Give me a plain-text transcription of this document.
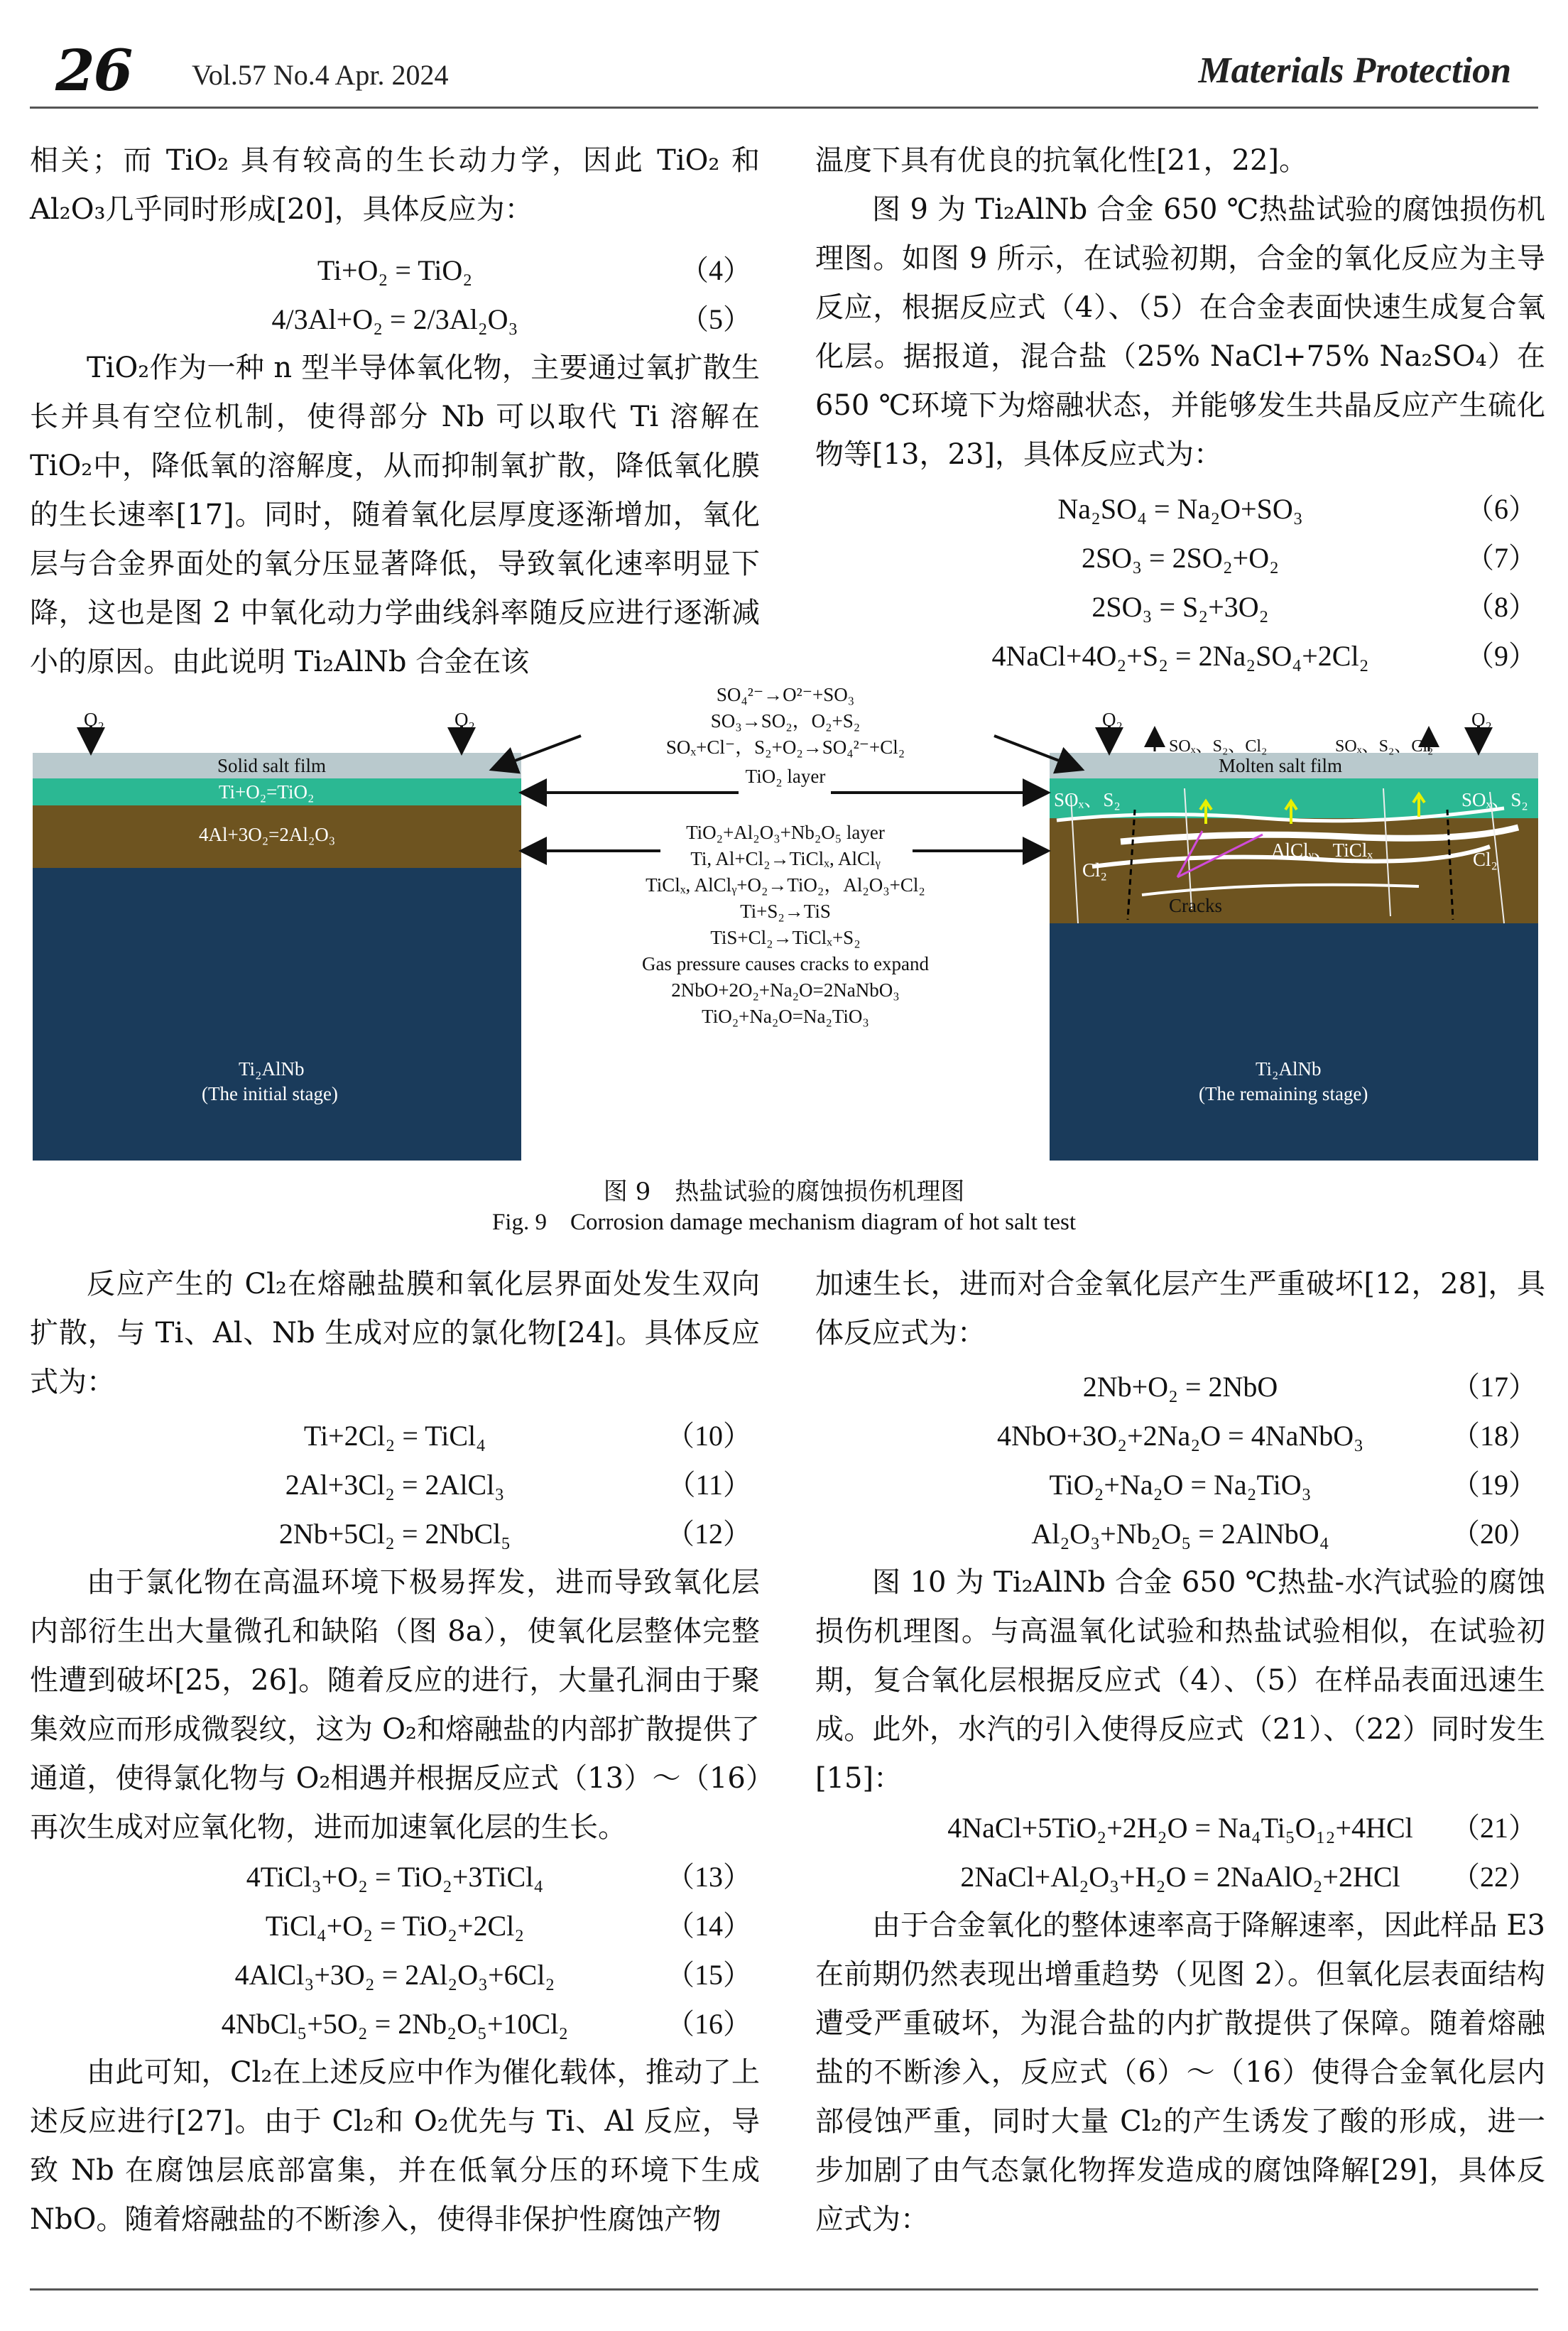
26 Vol.57 No.4 Apr. 2024	Materials Protection

相关；而 TiO₂ 具有较高的生长动力学，因此 TiO₂ 和 Al₂O₃几乎同时形成[20]，具体反应为：

Ti+O₂ = TiO₂	（4）
4/3Al+O₂ = 2/3Al₂O₃	（5）

TiO₂作为一种 n 型半导体氧化物，主要通过氧扩散生长并具有空位机制，使得部分 Nb 可以取代 Ti 溶解在 TiO₂中，降低氧的溶解度，从而抑制氧扩散，降低氧化膜的生长速率[17]。同时，随着氧化层厚度逐渐增加，氧化层与合金界面处的氧分压显著降低，导致氧化速率明显下降，这也是图 2 中氧化动力学曲线斜率随反应进行逐渐减小的原因。由此说明 Ti₂AlNb 合金在该

温度下具有优良的抗氧化性[21，22]。

图 9 为 Ti₂AlNb 合金 650 ℃热盐试验的腐蚀损伤机理图。如图 9 所示，在试验初期，合金的氧化反应为主导反应，根据反应式（4）、（5）在合金表面快速生成复合氧化层。据报道，混合盐（25% NaCl+75% Na₂SO₄）在 650 ℃环境下为熔融状态，并能够发生共晶反应产生硫化物等[13，23]，具体反应式为：

Na₂SO₄ = Na₂O+SO₃	（6）
2SO₃ = 2SO₂+O₂	（7）
2SO₃ = S₂+3O₂	（8）
4NaCl+4O₂+S₂ = 2Na₂SO₄+2Cl₂	（9）
Solid salt film
Ti+O₂=TiO₂
4Al+3O₂=2Al₂O₃
Ti₂AlNb
(The initial stage)
O₂	O₂
Molten salt film
SOₓ、S₂	SOₓ、S₂
AlClᵧ、TiClₓ
Cl₂	Cl₂
Cracks
Ti₂AlNb
(The remaining stage)
O₂	O₂
SOₓ、S₂、Cl₂	SOₓ、S₂、Cl₂
SO₄²⁻→O²⁻+SO₃
SO₃→SO₂，O₂+S₂
SOₓ+Cl⁻，S₂+O₂→SO₄²⁻+Cl₂
TiO₂ layer
TiO₂+Al₂O₃+Nb₂O₅ layer
Ti, Al+Cl₂→TiClₓ, AlClᵧ
TiClₓ, AlClᵧ+O₂→TiO₂，Al₂O₃+Cl₂
Ti+S₂→TiS
TiS+Cl₂→TiClₓ+S₂
Gas pressure causes cracks to expand
2NbO+2O₂+Na₂O=2NaNbO₃
TiO₂+Na₂O=Na₂TiO₃
图 9　热盐试验的腐蚀损伤机理图
Fig. 9　Corrosion damage mechanism diagram of hot salt test

反应产生的 Cl₂在熔融盐膜和氧化层界面处发生双向扩散，与 Ti、Al、Nb 生成对应的氯化物[24]。具体反应式为：

Ti+2Cl₂ = TiCl₄	（10）
2Al+3Cl₂ = 2AlCl₃	（11）
2Nb+5Cl₂ = 2NbCl₅	（12）

由于氯化物在高温环境下极易挥发，进而导致氧化层内部衍生出大量微孔和缺陷（图 8a），使氧化层整体完整性遭到破坏[25，26]。随着反应的进行，大量孔洞由于聚集效应而形成微裂纹，这为 O₂和熔融盐的内部扩散提供了通道，使得氯化物与 O₂相遇并根据反应式（13）～（16）再次生成对应氧化物，进而加速氧化层的生长。

4TiCl₃+O₂ = TiO₂+3TiCl₄	（13）
TiCl₄+O₂ = TiO₂+2Cl₂	（14）
4AlCl₃+3O₂ = 2Al₂O₃+6Cl₂	（15）
4NbCl₅+5O₂ = 2Nb₂O₅+10Cl₂	（16）

由此可知，Cl₂在上述反应中作为催化载体，推动了上述反应进行[27]。由于 Cl₂和 O₂优先与 Ti、Al 反应，导致 Nb 在腐蚀层底部富集，并在低氧分压的环境下生成 NbO。随着熔融盐的不断渗入，使得非保护性腐蚀产物

加速生长，进而对合金氧化层产生严重破坏[12，28]，具体反应式为：

2Nb+O₂ = 2NbO	（17）
4NbO+3O₂+2Na₂O = 4NaNbO₃	（18）
TiO₂+Na₂O = Na₂TiO₃	（19）
Al₂O₃+Nb₂O₅ = 2AlNbO₄	（20）

图 10 为 Ti₂AlNb 合金 650 ℃热盐-水汽试验的腐蚀损伤机理图。与高温氧化试验和热盐试验相似，在试验初期，复合氧化层根据反应式（4）、（5）在样品表面迅速生成。此外，水汽的引入使得反应式（21）、（22）同时发生[15]：

4NaCl+5TiO₂+2H₂O = Na₄Ti₅O₁₂+4HCl	（21）
2NaCl+Al₂O₃+H₂O = 2NaAlO₂+2HCl	（22）

由于合金氧化的整体速率高于降解速率，因此样品 E3 在前期仍然表现出增重趋势（见图 2）。但氧化层表面结构遭受严重破坏，为混合盐的内扩散提供了保障。随着熔融盐的不断渗入，反应式（6）～（16）使得合金氧化层内部侵蚀严重，同时大量 Cl₂的产生诱发了酸的形成，进一步加剧了由气态氯化物挥发造成的腐蚀降解[29]，具体反应式为：
